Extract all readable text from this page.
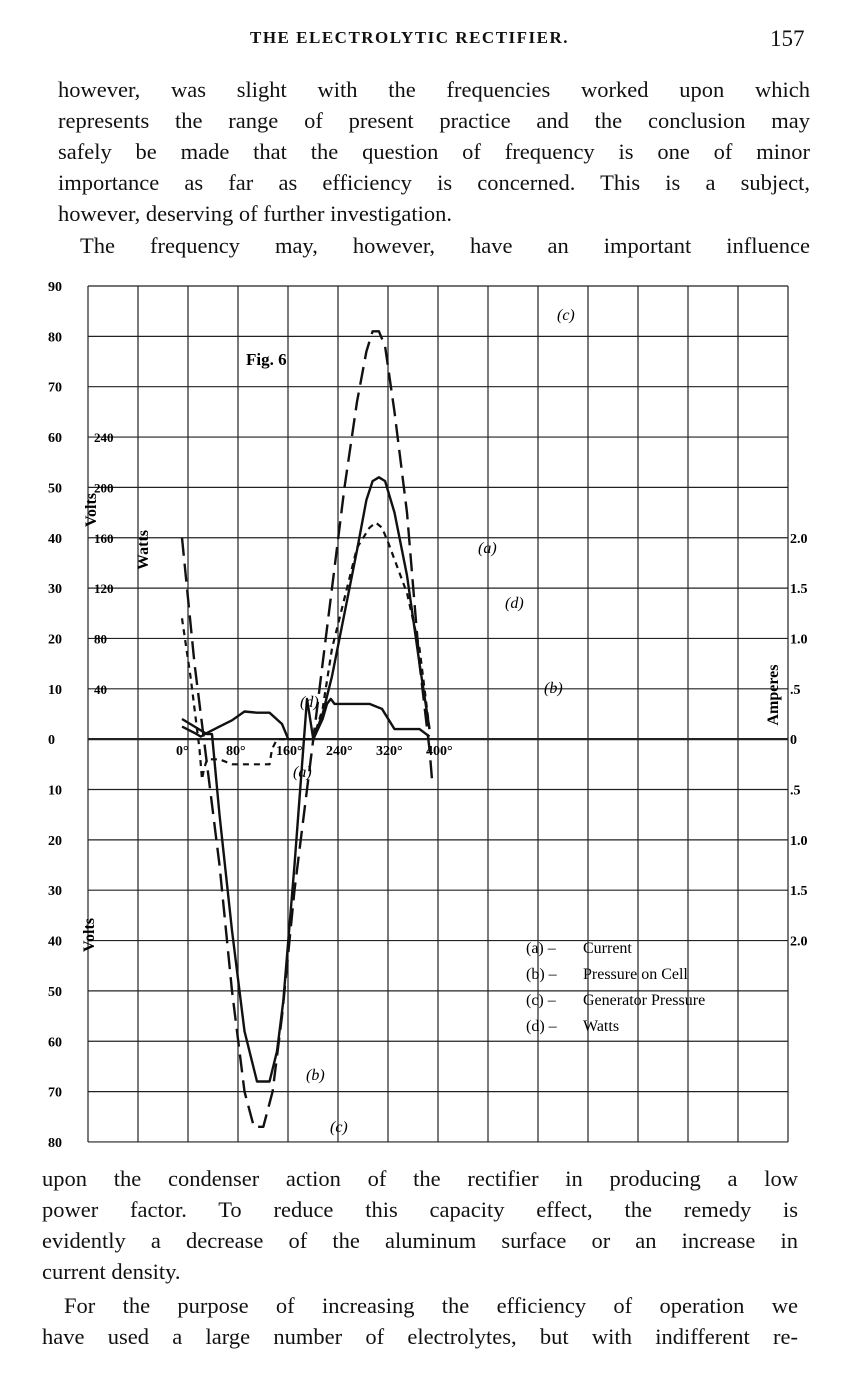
THE ELECTROLYTIC RECTIFIER.	157
however, was slight with the frequencies worked upon which
represents the range of present practice and the conclusion may
safely be made that the question of frequency is one of minor
importance as far as efficiency is concerned. This is a subject,
however, deserving of further investigation.
The frequency may, however, have an important influence
90
80
70
60
50
40
30
20
10
0
10
20
30
40
50
60
70
80
240
200
160
120
80
40
2.0
1.5
1.0
.5
0
.5
1.0
1.5
2.0
0°	80° 160° 240° 320° 400°
(c)
(a)
(d)
(b)
(d)
(a)
(b)
(c)
(a) – Current
(b) – Pressure on Cell
(c) – Generator Pressure
(d) – Watts
Fig. 6
Volts
Watts
Volts
Amperes
upon the condenser action of the rectifier in producing a low
power factor. To reduce this capacity effect, the remedy is
evidently a decrease of the aluminum surface or an increase in
current density.
For the purpose of increasing the efficiency of operation we
have used a large number of electrolytes, but with indifferent re-
